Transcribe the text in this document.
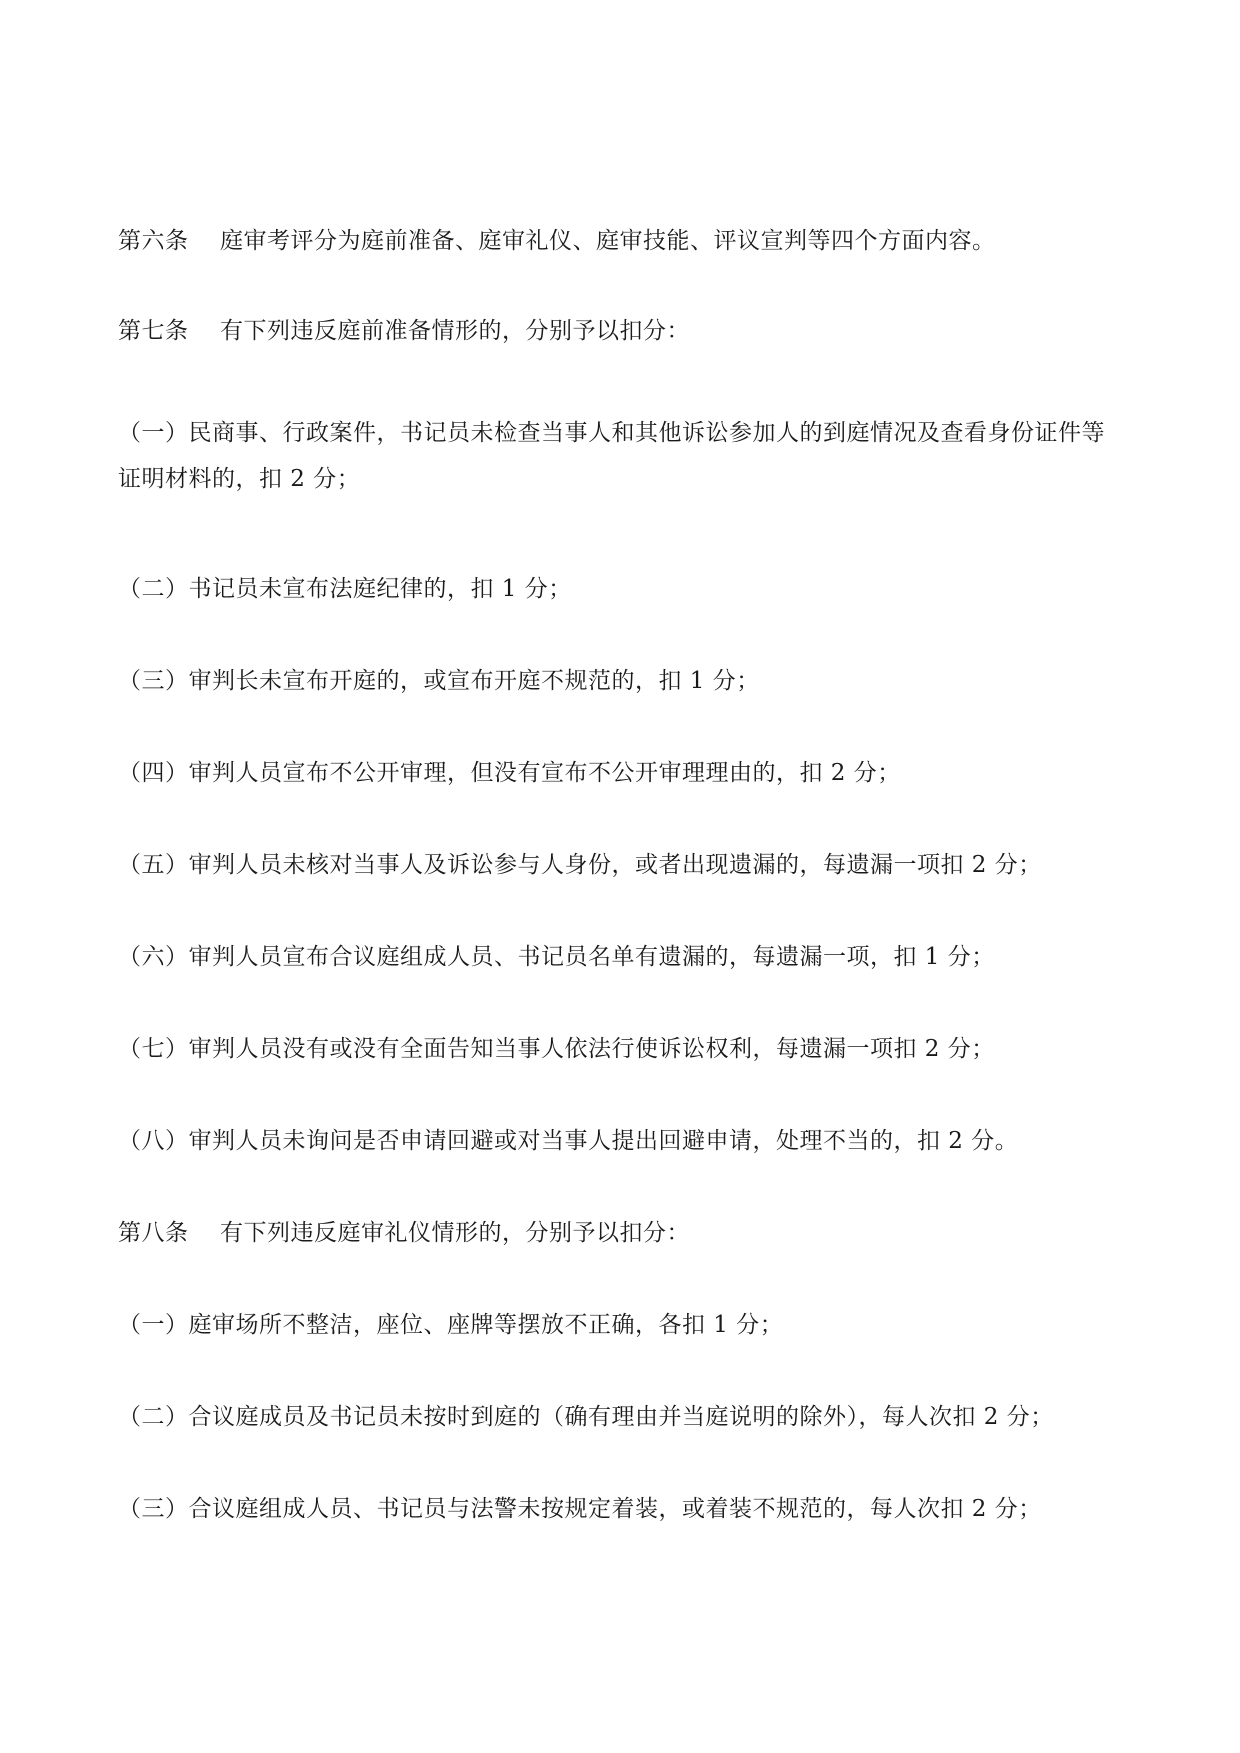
第六条 庭审考评分为庭前准备、庭审礼仪、庭审技能、评议宣判等四个方面内容。
第七条 有下列违反庭前准备情形的，分别予以扣分：
（一）民商事、行政案件，书记员未检查当事人和其他诉讼参加人的到庭情况及查看身份证件等证明材料的，扣 2 分；
（二）书记员未宣布法庭纪律的，扣 1 分；
（三）审判长未宣布开庭的，或宣布开庭不规范的，扣 1 分；
（四）审判人员宣布不公开审理，但没有宣布不公开审理理由的，扣 2 分；
（五）审判人员未核对当事人及诉讼参与人身份，或者出现遗漏的，每遗漏一项扣 2 分；
（六）审判人员宣布合议庭组成人员、书记员名单有遗漏的，每遗漏一项，扣 1 分；
（七）审判人员没有或没有全面告知当事人依法行使诉讼权利，每遗漏一项扣 2 分；
（八）审判人员未询问是否申请回避或对当事人提出回避申请，处理不当的，扣 2 分。
第八条 有下列违反庭审礼仪情形的，分别予以扣分：
（一）庭审场所不整洁，座位、座牌等摆放不正确，各扣 1 分；
（二）合议庭成员及书记员未按时到庭的（确有理由并当庭说明的除外），每人次扣 2 分；
（三）合议庭组成人员、书记员与法警未按规定着装，或着装不规范的，每人次扣 2 分；
